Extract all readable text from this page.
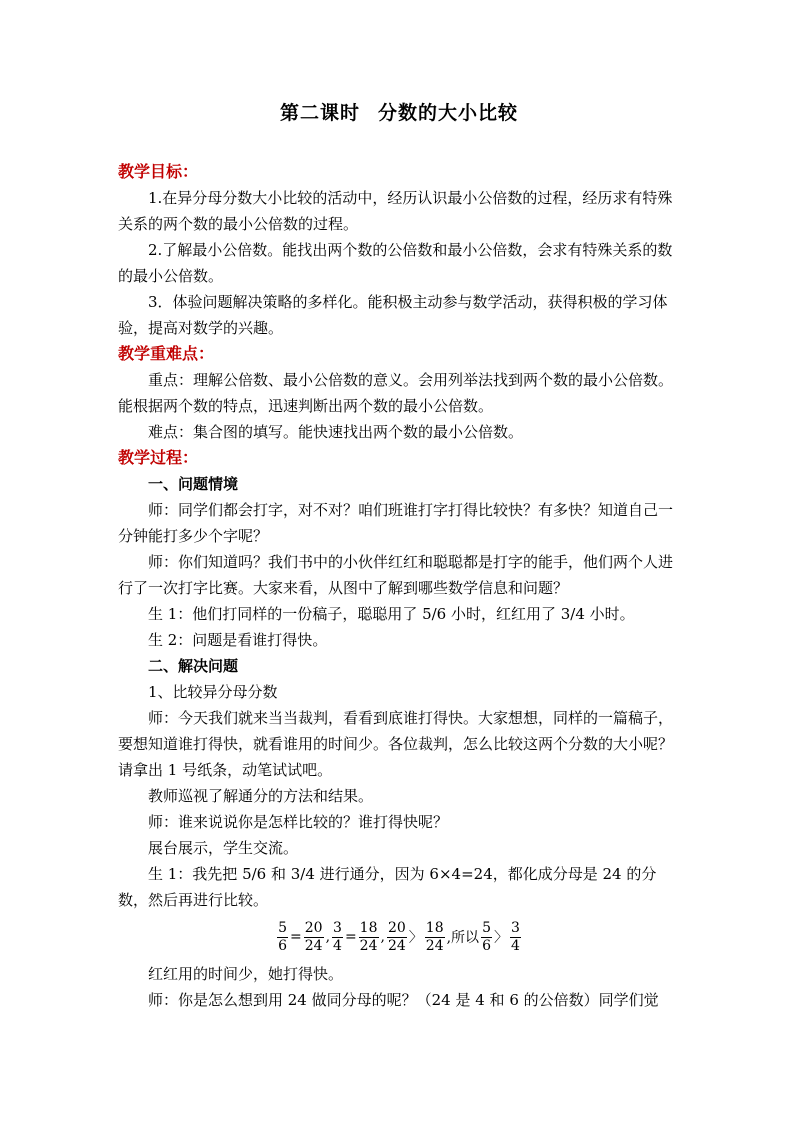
第二课时 分数的大小比较
教学目标：

1.在异分母分数大小比较的活动中，经历认识最小公倍数的过程，经历求有特殊关系的两个数的最小公倍数的过程。

2.了解最小公倍数。能找出两个数的公倍数和最小公倍数，会求有特殊关系的数的最小公倍数。

3．体验问题解决策略的多样化。能积极主动参与数学活动，获得积极的学习体验，提高对数学的兴趣。

教学重难点：

重点：理解公倍数、最小公倍数的意义。会用列举法找到两个数的最小公倍数。能根据两个数的特点，迅速判断出两个数的最小公倍数。

难点：集合图的填写。能快速找出两个数的最小公倍数。

教学过程：

一、问题情境

师：同学们都会打字，对不对？咱们班谁打字打得比较快？有多快？知道自己一分钟能打多少个字呢？

师：你们知道吗？我们书中的小伙伴红红和聪聪都是打字的能手，他们两个人进行了一次打字比赛。大家来看，从图中了解到哪些数学信息和问题？

生 1：他们打同样的一份稿子，聪聪用了 5/6 小时，红红用了 3/4 小时。

生 2：问题是看谁打得快。

二、解决问题

1、比较异分母分数

师：今天我们就来当当裁判，看看到底谁打得快。大家想想，同样的一篇稿子，要想知道谁打得快，就看谁用的时间少。各位裁判，怎么比较这两个分数的大小呢？请拿出 1 号纸条，动笔试试吧。

教师巡视了解通分的方法和结果。

师：谁来说说你是怎样比较的？谁打得快呢？

展台展示，学生交流。

生 1：我先把 5/6 和 3/4 进行通分，因为 6×4=24，都化成分母是 24 的分数，然后再进行比较。

$\frac{5}{6} = \frac{20}{24}$ , $\frac{3}{4} = \frac{18}{24}$ , $\frac{20}{24}$ 〉 $\frac{18}{24}$ ,所以 $\frac{5}{6}$ 〉 $\frac{3}{4}$

红红用的时间少，她打得快。

师：你是怎么想到用 24 做同分母的呢？（24 是 4 和 6 的公倍数）同学们觉
